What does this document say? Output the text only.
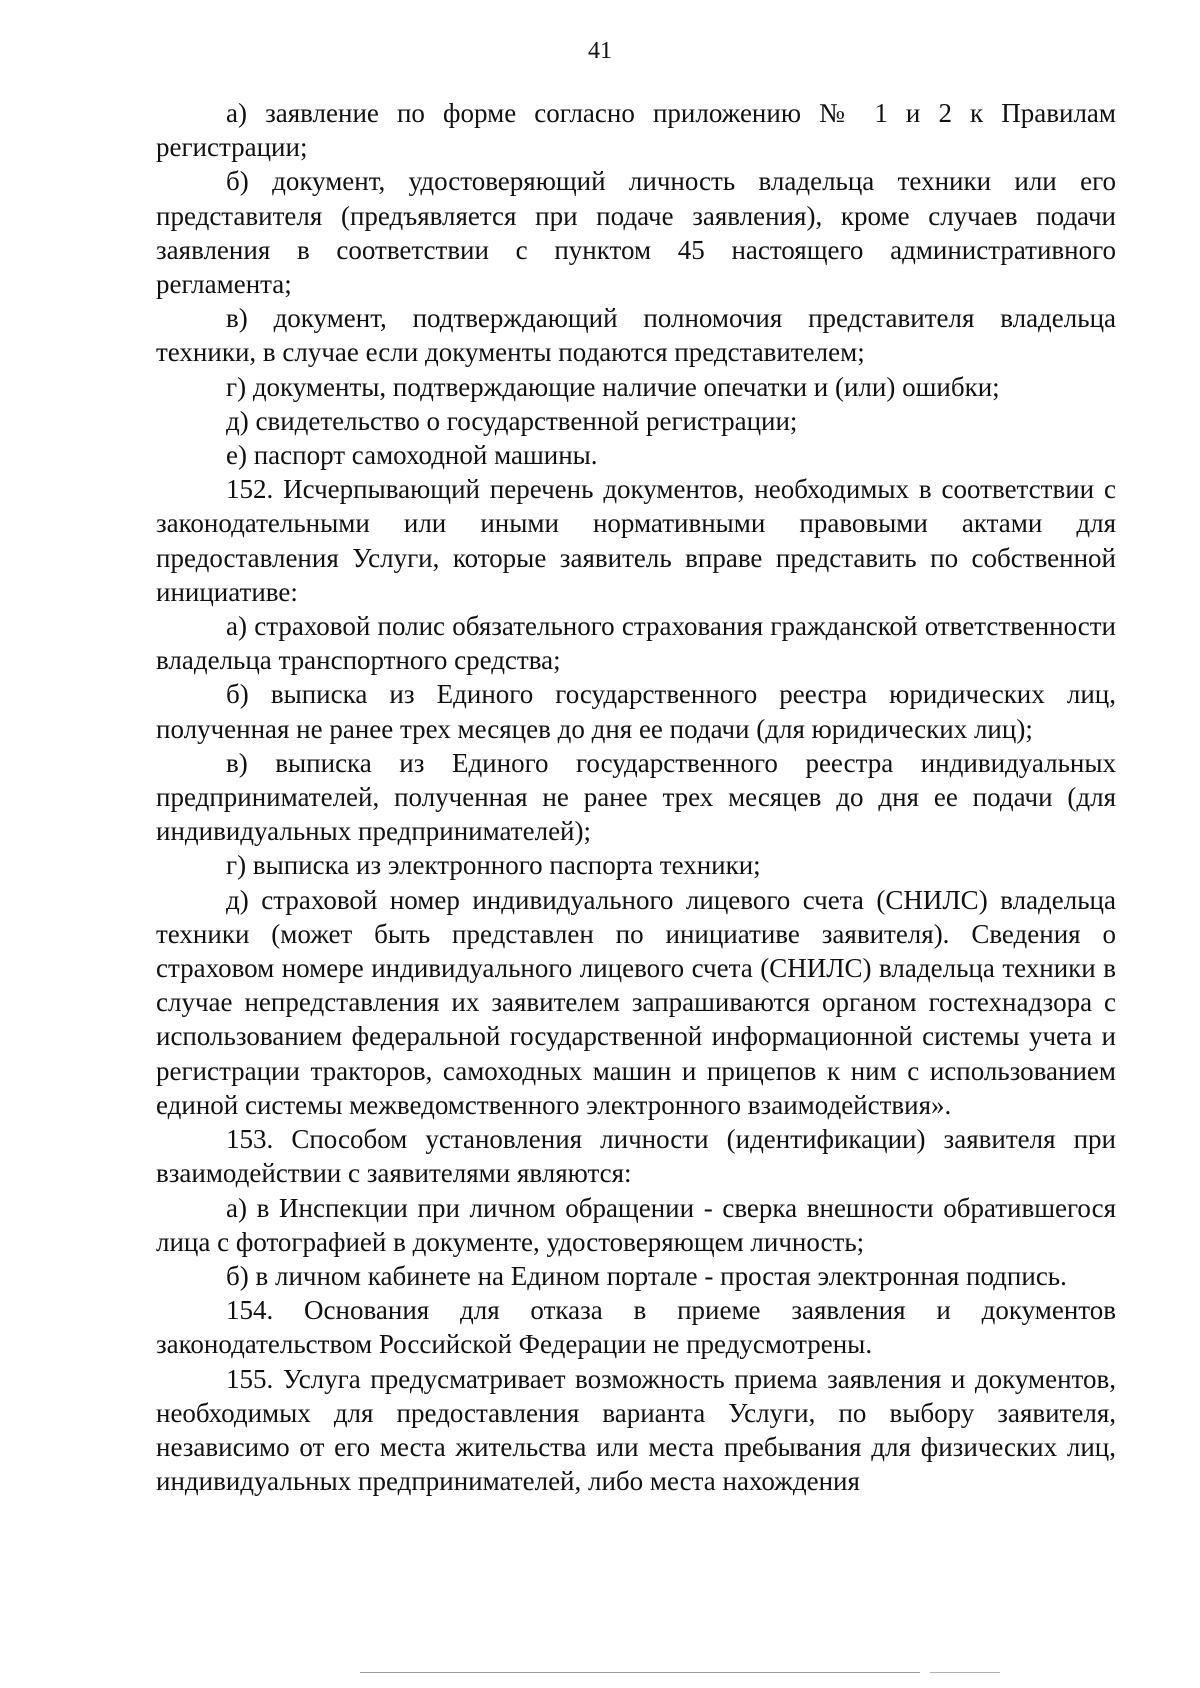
41

а) заявление по форме согласно приложению № 1 и 2 к Правилам регистрации;

б) документ, удостоверяющий личность владельца техники или его представителя (предъявляется при подаче заявления), кроме случаев подачи заявления в соответствии с пунктом 45 настоящего административного регламента;

в) документ, подтверждающий полномочия представителя владельца техники, в случае если документы подаются представителем;

г) документы, подтверждающие наличие опечатки и (или) ошибки;

д) свидетельство о государственной регистрации;

е) паспорт самоходной машины.

152. Исчерпывающий перечень документов, необходимых в соответствии с законодательными или иными нормативными правовыми актами для предоставления Услуги, которые заявитель вправе представить по собственной инициативе:

а) страховой полис обязательного страхования гражданской ответственности владельца транспортного средства;

б) выписка из Единого государственного реестра юридических лиц, полученная не ранее трех месяцев до дня ее подачи (для юридических лиц);

в) выписка из Единого государственного реестра индивидуальных предпринимателей, полученная не ранее трех месяцев до дня ее подачи (для индивидуальных предпринимателей);

г) выписка из электронного паспорта техники;

д) страховой номер индивидуального лицевого счета (СНИЛС) владельца техники (может быть представлен по инициативе заявителя). Сведения о страховом номере индивидуального лицевого счета (СНИЛС) владельца техники в случае непредставления их заявителем запрашиваются органом гостехнадзора с использованием федеральной государственной информационной системы учета и регистрации тракторов, самоходных машин и прицепов к ним с использованием единой системы межведомственного электронного взаимодействия».

153. Способом установления личности (идентификации) заявителя при взаимодействии с заявителями являются:

а) в Инспекции при личном обращении - сверка внешности обратившегося лица с фотографией в документе, удостоверяющем личность;

б) в личном кабинете на Едином портале - простая электронная подпись.

154. Основания для отказа в приеме заявления и документов законодательством Российской Федерации не предусмотрены.

155. Услуга предусматривает возможность приема заявления и документов, необходимых для предоставления варианта Услуги, по выбору заявителя, независимо от его места жительства или места пребывания для физических лиц, индивидуальных предпринимателей, либо места нахождения
